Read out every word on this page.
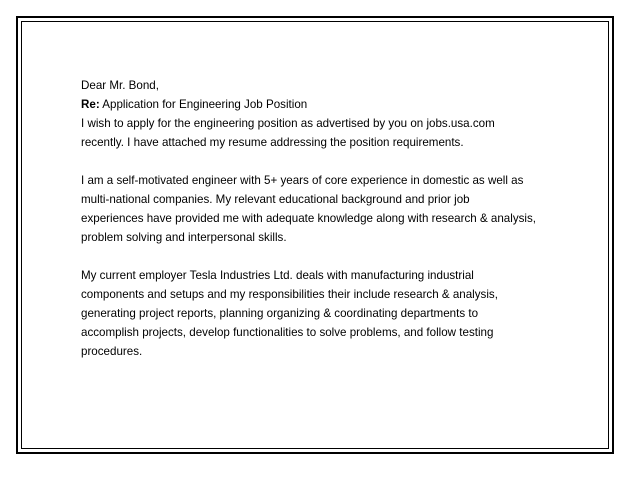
Dear Mr. Bond,

Re: Application for Engineering Job Position

I wish to apply for the engineering position as advertised by you on jobs.usa.com

recently. I have attached my resume addressing the position requirements.

I am a self-motivated engineer with 5+ years of core experience in domestic as well as

multi-national companies. My relevant educational background and prior job

experiences have provided me with adequate knowledge along with research & analysis,

problem solving and interpersonal skills.

My current employer Tesla Industries Ltd. deals with manufacturing industrial

components and setups and my responsibilities their include research & analysis,

generating project reports, planning organizing & coordinating departments to

accomplish projects, develop functionalities to solve problems, and follow testing

procedures.
